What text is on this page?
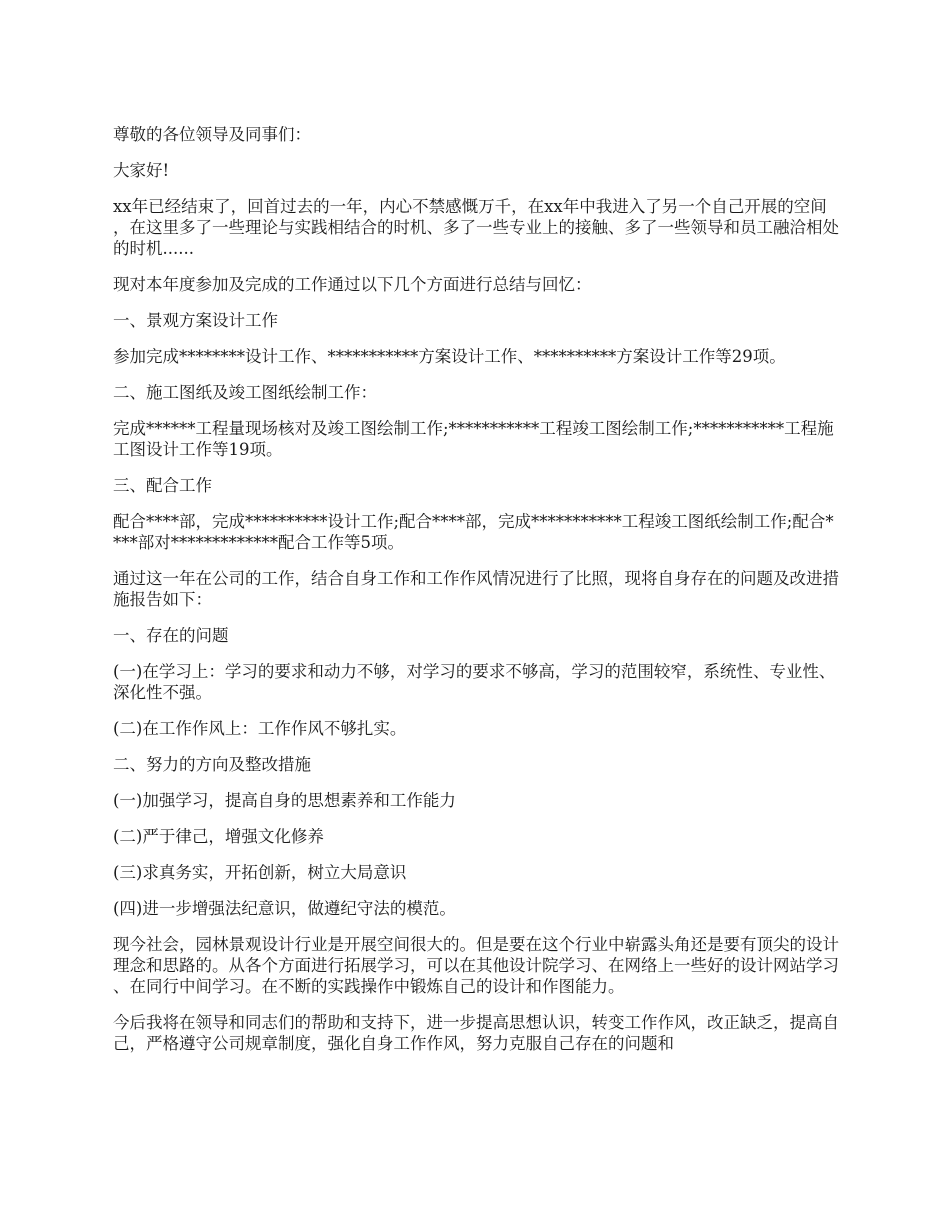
尊敬的各位领导及同事们：

大家好!

xx年已经结束了，回首过去的一年，内心不禁感慨万千，在xx年中我进入了另一个自己开展的空间，在这里多了一些理论与实践相结合的时机、多了一些专业上的接触、多了一些领导和员工融洽相处的时机......

现对本年度参加及完成的工作通过以下几个方面进行总结与回忆：

一、景观方案设计工作

参加完成********设计工作、***********方案设计工作、**********方案设计工作等29项。

二、施工图纸及竣工图纸绘制工作：

完成******工程量现场核对及竣工图绘制工作;***********工程竣工图绘制工作;***********工程施工图设计工作等19项。

三、配合工作

配合****部，完成**********设计工作;配合****部，完成***********工程竣工图纸绘制工作;配合****部对*************配合工作等5项。

通过这一年在公司的工作，结合自身工作和工作作风情况进行了比照，现将自身存在的问题及改进措施报告如下：

一、存在的问题

(一)在学习上：学习的要求和动力不够，对学习的要求不够高，学习的范围较窄，系统性、专业性、深化性不强。

(二)在工作作风上：工作作风不够扎实。

二、努力的方向及整改措施

(一)加强学习，提高自身的思想素养和工作能力

(二)严于律己，增强文化修养

(三)求真务实，开拓创新，树立大局意识

(四)进一步增强法纪意识，做遵纪守法的模范。

现今社会，园林景观设计行业是开展空间很大的。但是要在这个行业中崭露头角还是要有顶尖的设计理念和思路的。从各个方面进行拓展学习，可以在其他设计院学习、在网络上一些好的设计网站学习、在同行中间学习。在不断的实践操作中锻炼自己的设计和作图能力。

今后我将在领导和同志们的帮助和支持下，进一步提高思想认识，转变工作作风，改正缺乏，提高自己，严格遵守公司规章制度，强化自身工作作风，努力克服自己存在的问题和
